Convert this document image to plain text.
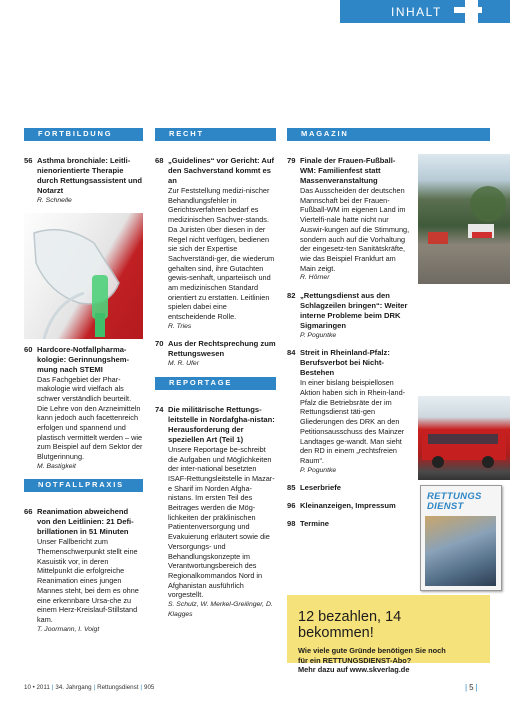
INHALT
FORTBILDUNG
56 Asthma bronchiale: Leitli-nienorientierte Therapie durch Rettungsassistent und Notarzt
R. Schnelle
60 Hardcore-Notfallpharma-kologie: Gerinnungshem-mung nach STEMI
Das Fachgebiet der Phar-makologie wird vielfach als schwer verständlich beurteilt. Die Lehre von den Arzneimitteln kann jedoch auch facettenreich erfolgen und spannend und plastisch vermittelt werden – wie zum Beispiel auf dem Sektor der Blutgerinnung.
M. Bastigkeit
NOTFALLPRAXIS
66 Reanimation abweichend von den Leitlinien: 21 Defi-brillationen in 51 Minuten
Unser Fallbericht zum Themenschwerpunkt stellt eine Kasuistik vor, in deren Mittelpunkt die erfolgreiche Reanimation eines jungen Mannes steht, bei dem es ohne eine erkennbare Ursa-che zu einem Herz-Kreislauf-Stillstand kam.
T. Joormann, I. Voigt
RECHT
68 „Guidelines“ vor Gericht: Auf den Sachverstand kommt es an
Zur Feststellung medizi-nischer Behandlungsfehler in Gerichtsverfahren bedarf es medizinischen Sachver-stands. Da Juristen über diesen in der Regel nicht verfügen, bedienen sie sich der Expertise Sachverständi-ger, die wiederum gehalten sind, ihre Gutachten gewis-senhaft, unparteiisch und am medizinischen Standard orientiert zu erstatten. Leitlinien spielen dabei eine entscheidende Rolle.
R. Tries
70 Aus der Rechtsprechung zum Rettungswesen
M. R. Ufer
REPORTAGE
74 Die militärische Rettungs-leitstelle in Nordafgha-nistan: Herausforderung der speziellen Art (Teil 1)
Unsere Reportage be-schreibt die Aufgaben und Möglichkeiten der inter-national besetzten ISAF-Rettungsleitstelle in Mazar-e Sharif im Norden Afgha-nistans. Im ersten Teil des Beitrages werden die Mög-lichkeiten der präklinischen Patientenversorgung und Evakuierung erläutert sowie die Versorgungs- und Behandlungskonzepte im Verantwortungsbereich des Regionalkommandos Nord in Afghanistan ausführlich vorgestellt.
S. Schulz, W. Merkel-Greilinger, D. Klagges
MAGAZIN
79 Finale der Frauen-Fußball-WM: Familienfest statt Massenveranstaltung
Das Ausscheiden der deutschen Mannschaft bei der Frauen-Fußball-WM im eigenen Land im Viertelfi-nale hatte nicht nur Auswir-kungen auf die Stimmung, sondern auch auf die Vorhaltung der eingesetz-ten Sanitätskräfte, wie das Beispiel Frankfurt am Main zeigt.
R. Hörner
82 „Rettungsdienst aus den Schlagzeilen bringen“: Weiter interne Probleme beim DRK Sigmaringen
P. Poguntke
84 Streit in Rheinland-Pfalz: Berufsverbot bei Nicht-Bestehen
In einer bislang beispiellosen Aktion haben sich in Rhein-land-Pfalz die Betriebsräte der im Rettungsdienst täti-gen Gliederungen des DRK an den Petitionsausschuss des Mainzer Landtages ge-wandt. Man sieht den RD in einem „rechtsfreien Raum“.
P. Poguntke
85 Leserbriefe
96 Kleinanzeigen, Impressum
98 Termine
RETTUNGS
DIENST
12 bezahlen, 14 bekommen!
Wie viele gute Gründe benötigen Sie noch
für ein RETTUNGSDIENST-Abo?
Mehr dazu auf www.skverlag.de
10 • 2011 | 34. Jahrgang | Rettungsdienst | 905	| 5 |
